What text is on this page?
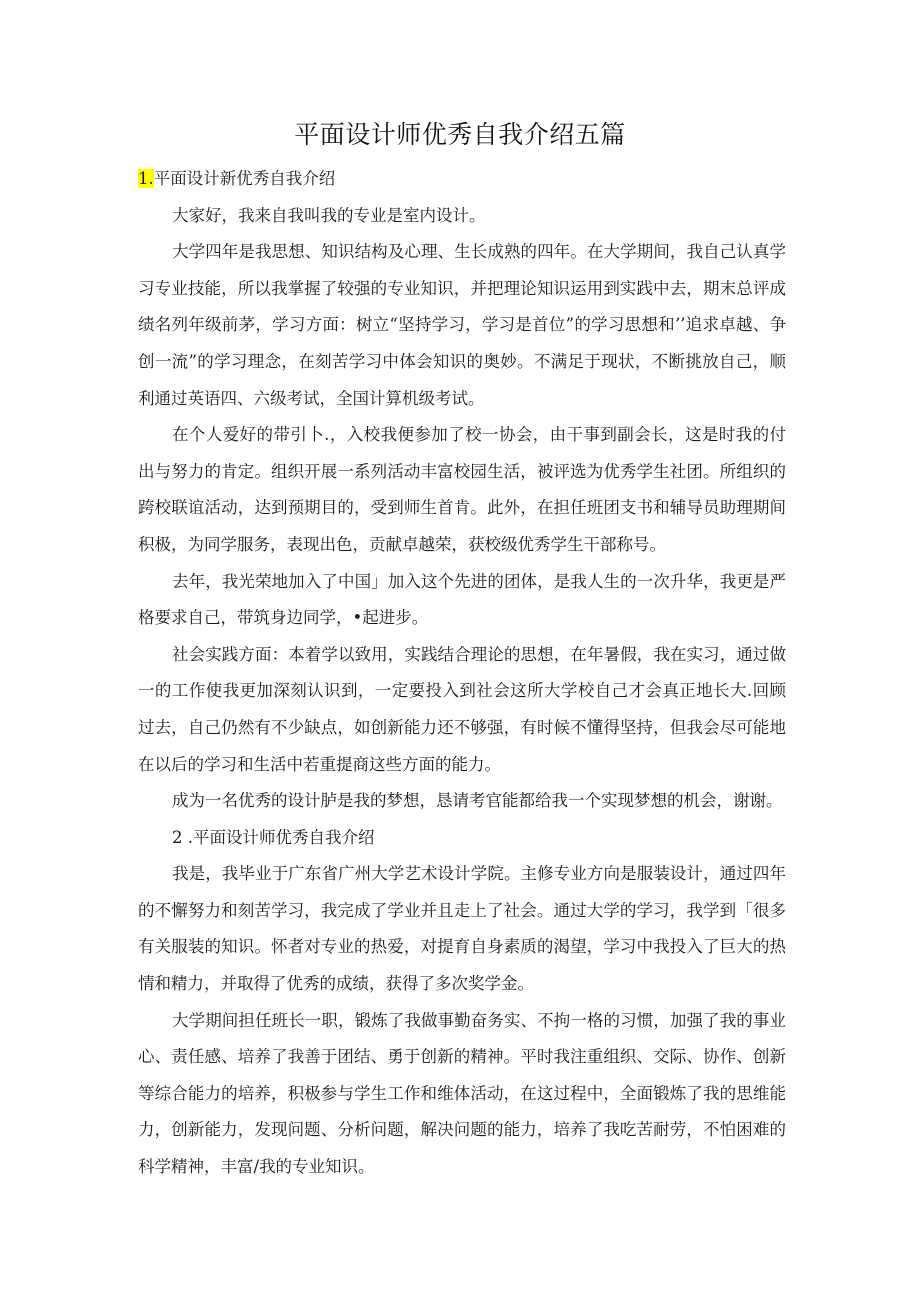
平面设计师优秀自我介绍五篇

1.平面设计新优秀自我介绍

大家好，我来自我叫我的专业是室内设计。

大学四年是我思想、知识结构及心理、生长成熟的四年。在大学期间，我自己认真学习专业技能，所以我掌握了较强的专业知识，并把理论知识运用到实践中去，期末总评成绩名列年级前茅，学习方面：树立“坚持学习，学习是首位”的学习思想和’’追求卓越、争创一流”的学习理念，在刻苦学习中体会知识的奥妙。不满足于现状，不断挑放自己，顺利通过英语四、六级考试，全国计算机级考试。

在个人爱好的带引卜.，入校我便参加了校一协会，由干事到副会长，这是时我的付出与努力的肯定。组织开展一系列活动丰富校园生活，被评选为优秀学生社团。所组织的跨校联谊活动，达到预期目的，受到师生首肯。此外，在担任班团支书和辅导员助理期间积极，为同学服务，表现出色，贡献卓越荣，获校级优秀学生干部称号。

去年，我光荣地加入了中国」加入这个先进的团体，是我人生的一次升华，我更是严格要求自己，带筑身边同学，•起进步。

社会实践方面：本着学以致用，实践结合理论的思想，在年暑假，我在实习，通过做一的工作使我更加深刻认识到，一定要投入到社会这所大学校自己才会真正地长大.回顾过去，自己仍然有不少缺点，如创新能力还不够强，有时候不懂得坚持，但我会尽可能地在以后的学习和生活中若重提商这些方面的能力。

成为一名优秀的设计胪是我的梦想，恳请考官能都给我一个实现梦想的机会，谢谢。

2 .平面设计师优秀自我介绍

我是，我毕业于广东省广州大学艺术设计学院。主修专业方向是服装设计，通过四年的不懈努力和刻苦学习，我完成了学业并且走上了社会。通过大学的学习，我学到「很多有关服装的知识。怀者对专业的热爱，对提育自身素质的渴望，学习中我投入了巨大的热情和精力，并取得了优秀的成绩，获得了多次奖学金。

大学期间担任班长一职，锻炼了我做事勤奋务实、不拘一格的习惯，加强了我的事业心、责任感、培养了我善于团结、勇于创新的精神。平时我注重组织、交际、协作、创新等综合能力的培养，积极参与学生工作和维体活动，在这过程中，全面锻炼了我的思维能力，创新能力，发现问题、分析问题，解决问题的能力，培养了我吃苦耐劳，不怕困难的科学精神，丰富/我的专业知识。
